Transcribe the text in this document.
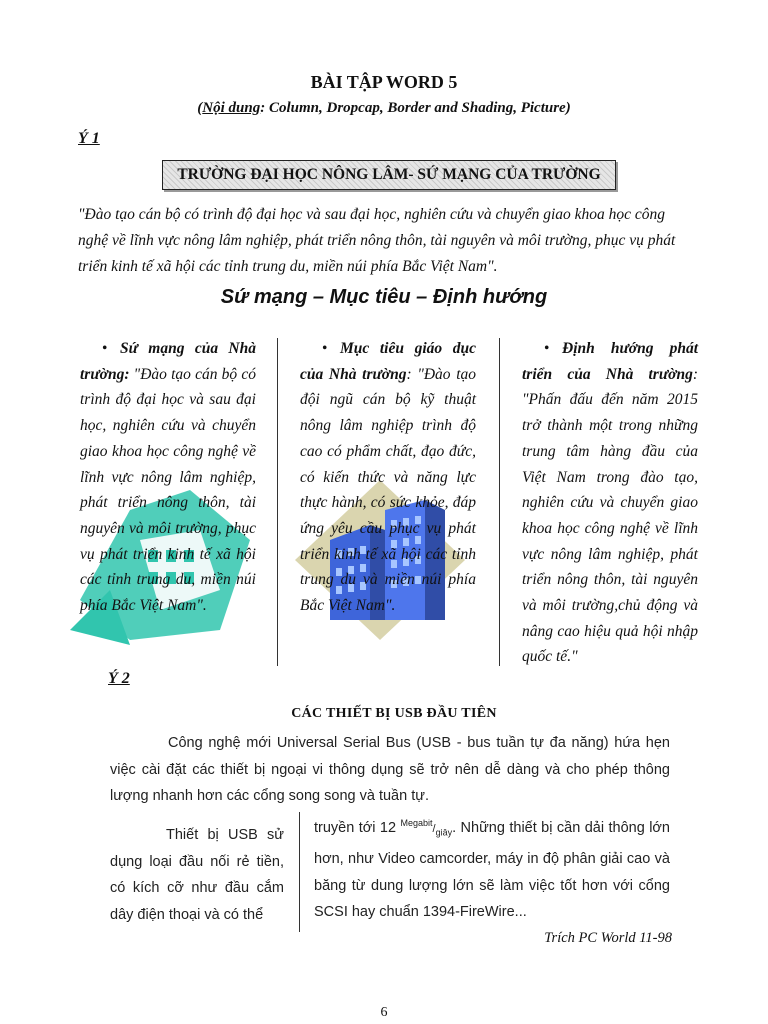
BÀI TẬP WORD 5
(Nội dung: Column, Dropcap, Border and Shading, Picture)
Ý 1
TRƯỜNG ĐẠI HỌC NÔNG LÂM- SỨ MẠNG CỦA TRƯỜNG
"Đào tạo cán bộ có trình độ đại học và sau đại học, nghiên cứu và chuyển giao khoa học công nghệ về lĩnh vực nông lâm nghiệp, phát triển nông thôn, tài nguyên và môi trường, phục vụ phát triển kinh tế xã hội các tỉnh trung du, miền núi phía Bắc Việt Nam".
Sứ mạng – Mục tiêu – Định hướng
• Sứ mạng của Nhà trường: "Đào tạo cán bộ có trình độ đại học và sau đại học, nghiên cứu và chuyển giao khoa học công nghệ về lĩnh vực nông lâm nghiệp, phát triển nông thôn, tài nguyên và môi trường, phục vụ phát triển kinh tế xã hội các tỉnh trung du, miền núi phía Bắc Việt Nam".
• Mục tiêu giáo dục của Nhà trường: "Đào tạo đội ngũ cán bộ kỹ thuật nông lâm nghiệp trình độ cao có phẩm chất, đạo đức, có kiến thức và năng lực thực hành, có sức khỏe, đáp ứng yêu cầu phục vụ phát triển kinh tế xã hội các tỉnh trung du và miền núi phía Bắc Việt Nam".
• Định hướng phát triển của Nhà trường: "Phấn đấu đến năm 2015 trở thành một trong những trung tâm hàng đầu của Việt Nam trong đào tạo, nghiên cứu và chuyển giao khoa học công nghệ về lĩnh vực nông lâm nghiệp, phát triển nông thôn, tài nguyên và môi trường,chủ động và nâng cao hiệu quả hội nhập quốc tế."
Ý 2
CÁC THIẾT BỊ USB ĐẦU TIÊN
Công nghệ mới Universal Serial Bus (USB - bus tuần tự đa năng) hứa hẹn việc cài đặt các thiết bị ngoại vi thông dụng sẽ trở nên dễ dàng và cho phép thông lượng nhanh hơn các cổng song song và tuần tự.
Thiết bị USB sử dụng loại đầu nối rẻ tiền, có kích cỡ như đầu cắm dây điện thoại và có thể
truyền tới 12 $^{Megabit}/_{giây}$. Những thiết bị cần dải thông lớn hơn, như Video camcorder, máy in độ phân giải cao và băng từ dung lượng lớn sẽ làm việc tốt hơn với cổng SCSI hay chuẩn 1394-FireWire...
Trích PC World 11-98
6
